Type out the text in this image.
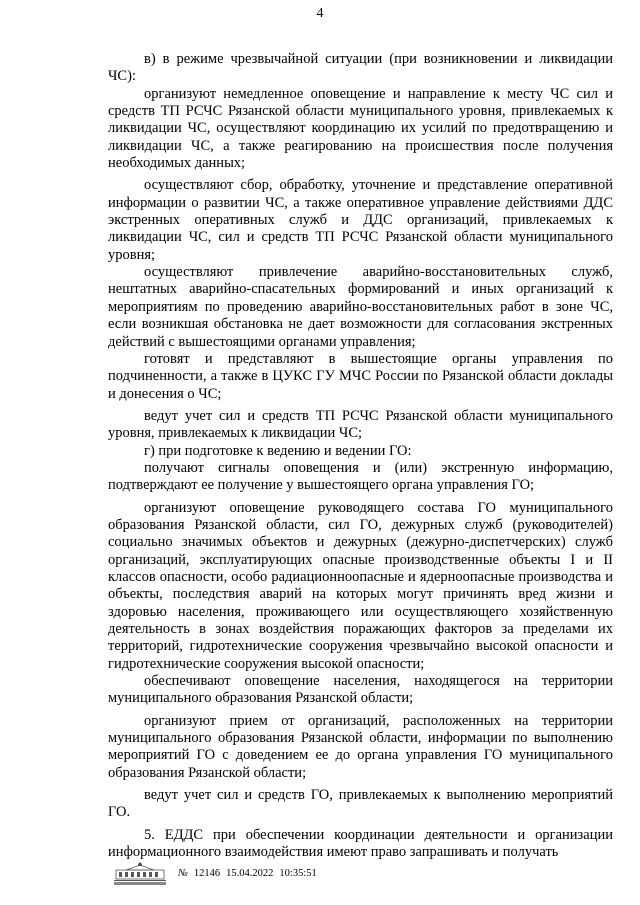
4

в) в режиме чрезвычайной ситуации (при возникновении и ликвидации ЧС):

организуют немедленное оповещение и направление к месту ЧС сил и средств ТП РСЧС Рязанской области муниципального уровня, привлекаемых к ликвидации ЧС, осуществляют координацию их усилий по предотвращению и ликвидации ЧС, а также реагированию на происшествия после получения необходимых данных;

осуществляют сбор, обработку, уточнение и представление оперативной информации о развитии ЧС, а также оперативное управление действиями ДДС экстренных оперативных служб и ДДС организаций, привлекаемых к ликвидации ЧС, сил и средств ТП РСЧС Рязанской области муниципального уровня;

осуществляют привлечение аварийно-восстановительных служб, нештатных аварийно-спасательных формирований и иных организаций к мероприятиям по проведению аварийно-восстановительных работ в зоне ЧС, если возникшая обстановка не дает возможности для согласования экстренных действий с вышестоящими органами управления;

готовят и представляют в вышестоящие органы управления по подчиненности, а также в ЦУКС ГУ МЧС России по Рязанской области доклады и донесения о ЧС;

ведут учет сил и средств ТП РСЧС Рязанской области муниципального уровня, привлекаемых к ликвидации ЧС;

г) при подготовке к ведению и ведении ГО:

получают сигналы оповещения и (или) экстренную информацию, подтверждают ее получение у вышестоящего органа управления ГО;

организуют оповещение руководящего состава ГО муниципального образования Рязанской области, сил ГО, дежурных служб (руководителей) социально значимых объектов и дежурных (дежурно-диспетчерских) служб организаций, эксплуатирующих опасные производственные объекты I и II классов опасности, особо радиационноопасные и ядерноопасные производства и объекты, последствия аварий на которых могут причинять вред жизни и здоровью населения, проживающего или осуществляющего хозяйственную деятельность в зонах воздействия поражающих факторов за пределами их территорий, гидротехнические сооружения чрезвычайно высокой опасности и гидротехнические сооружения высокой опасности;

обеспечивают оповещение населения, находящегося на территории муниципального образования Рязанской области;

организуют прием от организаций, расположенных на территории муниципального образования Рязанской области, информации по выполнению мероприятий ГО с доведением ее до органа управления ГО муниципального образования Рязанской области;

ведут учет сил и средств ГО, привлекаемых к выполнению мероприятий ГО.

5. ЕДДС при обеспечении координации деятельности и организации информационного взаимодействия имеют право запрашивать и получать

№ 12146 15.04.2022 10:35:51
